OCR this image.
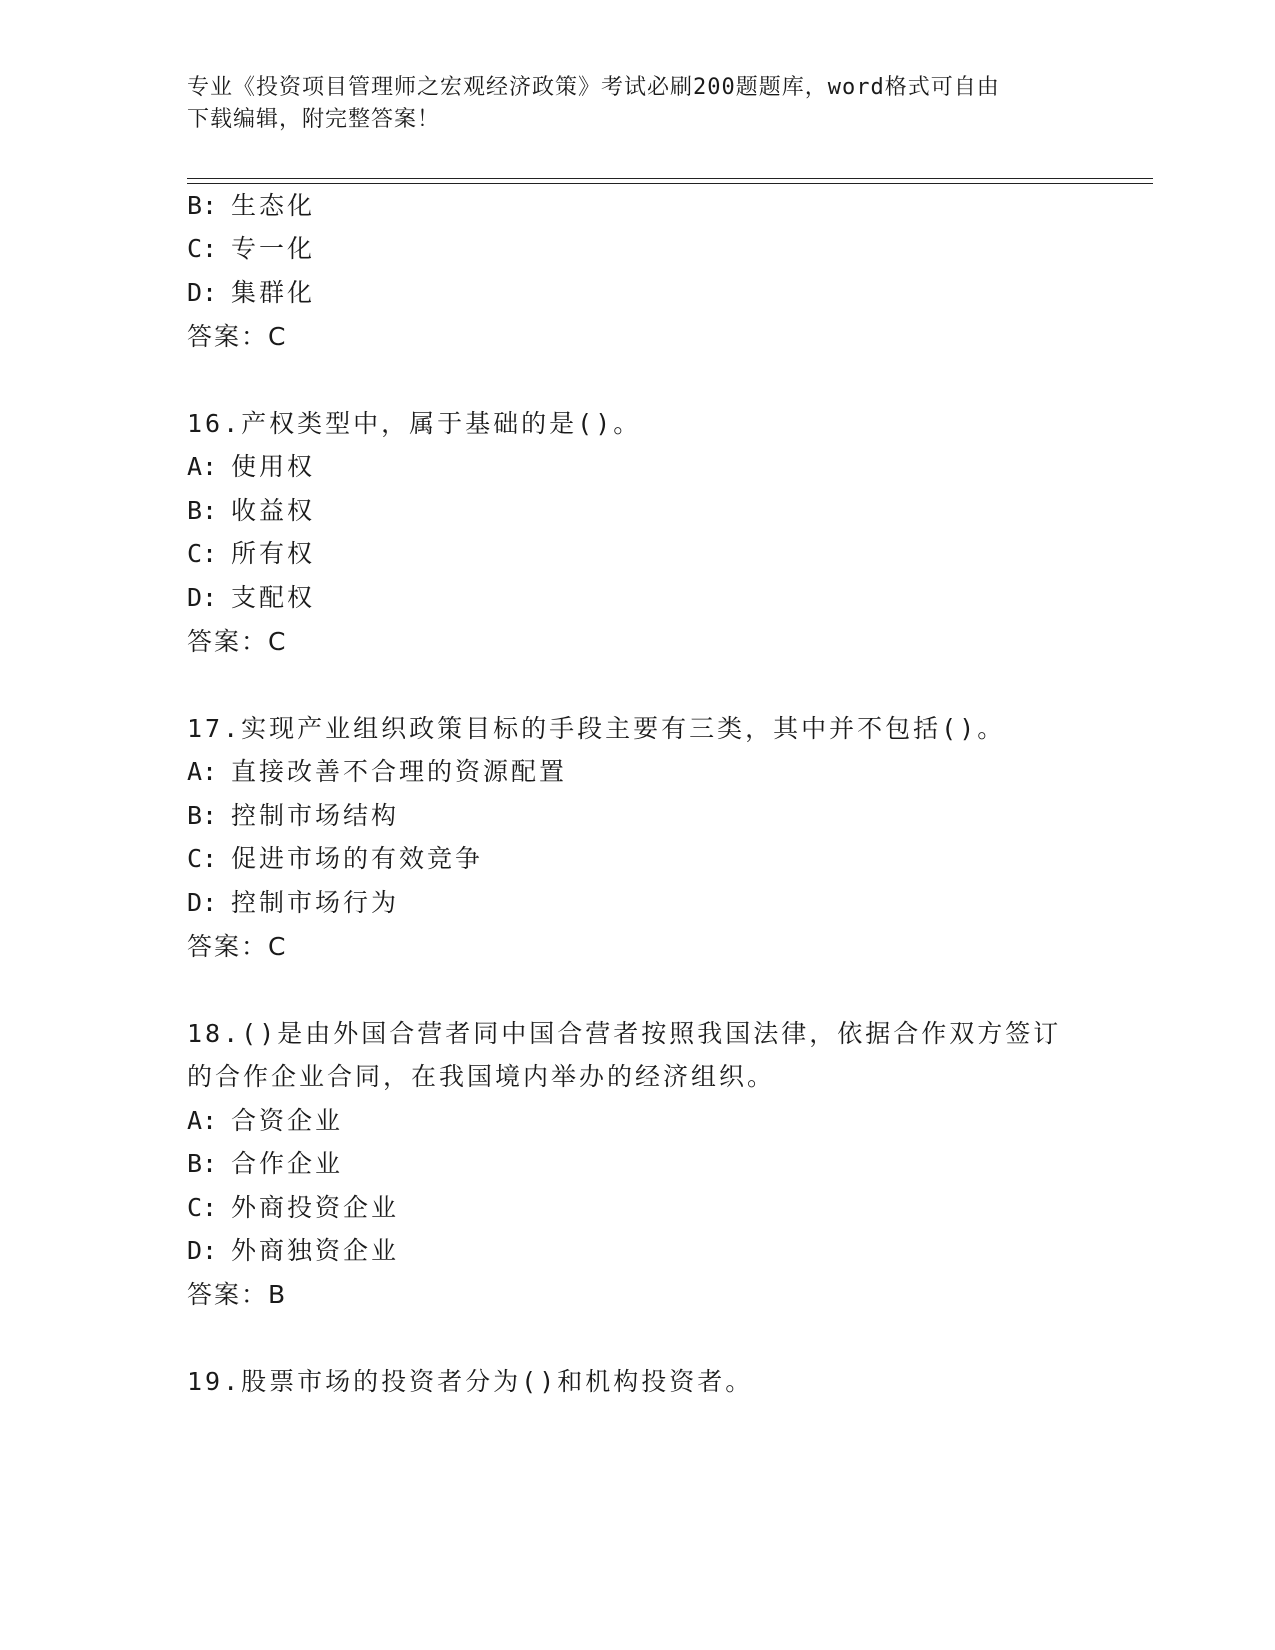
专业《投资项目管理师之宏观经济政策》考试必刷200题题库，word格式可自由
下载编辑，附完整答案！
B: 生态化
C: 专一化
D: 集群化
答案：C
16.产权类型中，属于基础的是()。
A: 使用权
B: 收益权
C: 所有权
D: 支配权
答案：C
17.实现产业组织政策目标的手段主要有三类，其中并不包括()。
A: 直接改善不合理的资源配置
B: 控制市场结构
C: 促进市场的有效竞争
D: 控制市场行为
答案：C
18.()是由外国合营者同中国合营者按照我国法律，依据合作双方签订
的合作企业合同，在我国境内举办的经济组织。
A: 合资企业
B: 合作企业
C: 外商投资企业
D: 外商独资企业
答案：B
19.股票市场的投资者分为()和机构投资者。
